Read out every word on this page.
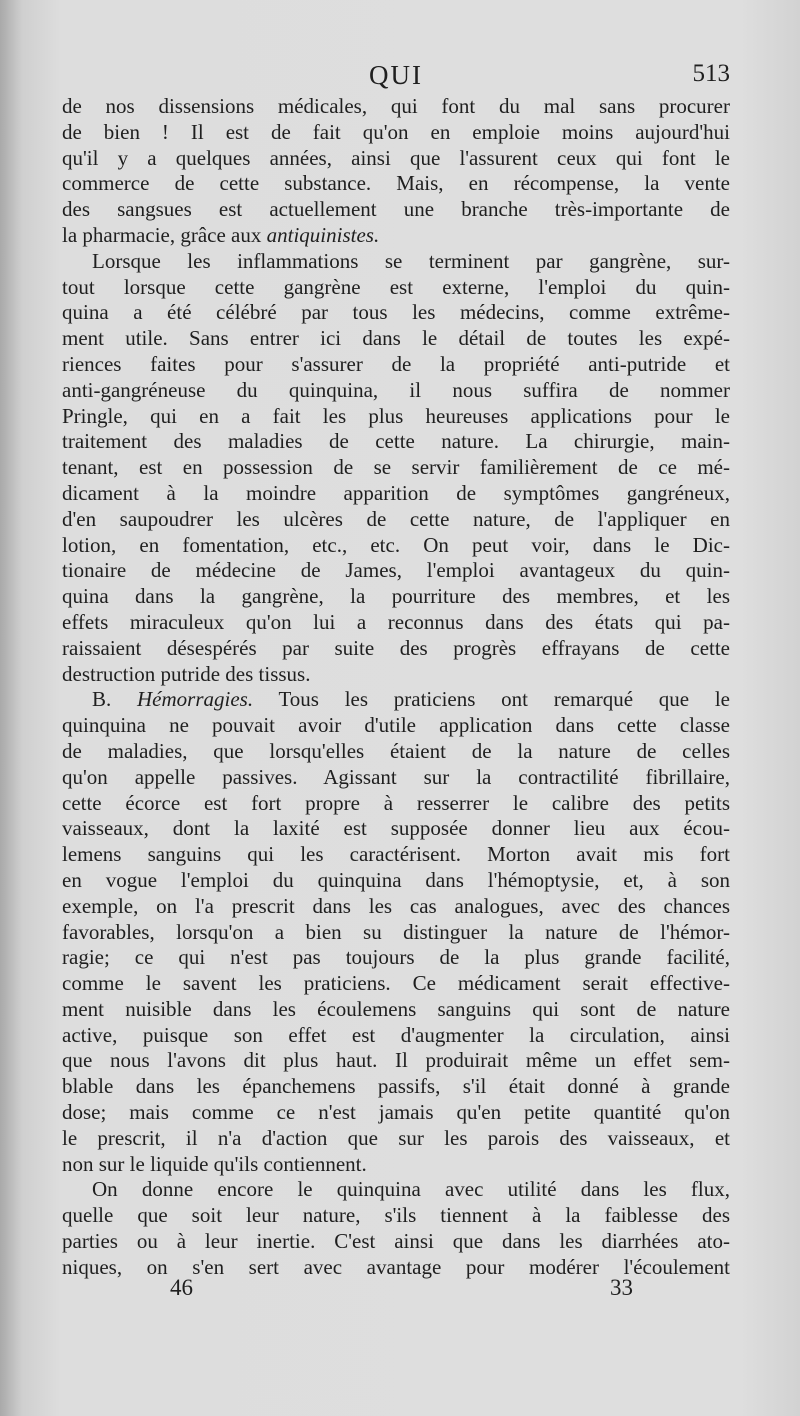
QUI	513
de nos dissensions médicales, qui font du mal sans procurer
de bien ! Il est de fait qu'on en emploie moins aujourd'hui
qu'il y a quelques années, ainsi que l'assurent ceux qui font le
commerce de cette substance. Mais, en récompense, la vente
des sangsues est actuellement une branche très-importante de
la pharmacie, grâce aux antiquinistes.
Lorsque les inflammations se terminent par gangrène, sur-
tout lorsque cette gangrène est externe, l'emploi du quin-
quina a été célébré par tous les médecins, comme extrême-
ment utile. Sans entrer ici dans le détail de toutes les expé-
riences faites pour s'assurer de la propriété anti-putride et
anti-gangréneuse du quinquina, il nous suffira de nommer
Pringle, qui en a fait les plus heureuses applications pour le
traitement des maladies de cette nature. La chirurgie, main-
tenant, est en possession de se servir familièrement de ce mé-
dicament à la moindre apparition de symptômes gangréneux,
d'en saupoudrer les ulcères de cette nature, de l'appliquer en
lotion, en fomentation, etc., etc. On peut voir, dans le Dic-
tionaire de médecine de James, l'emploi avantageux du quin-
quina dans la gangrène, la pourriture des membres, et les
effets miraculeux qu'on lui a reconnus dans des états qui pa-
raissaient désespérés par suite des progrès effrayans de cette
destruction putride des tissus.
B. Hémorragies. Tous les praticiens ont remarqué que le
quinquina ne pouvait avoir d'utile application dans cette classe
de maladies, que lorsqu'elles étaient de la nature de celles
qu'on appelle passives. Agissant sur la contractilité fibrillaire,
cette écorce est fort propre à resserrer le calibre des petits
vaisseaux, dont la laxité est supposée donner lieu aux écou-
lemens sanguins qui les caractérisent. Morton avait mis fort
en vogue l'emploi du quinquina dans l'hémoptysie, et, à son
exemple, on l'a prescrit dans les cas analogues, avec des chances
favorables, lorsqu'on a bien su distinguer la nature de l'hémor-
ragie; ce qui n'est pas toujours de la plus grande facilité,
comme le savent les praticiens. Ce médicament serait effective-
ment nuisible dans les écoulemens sanguins qui sont de nature
active, puisque son effet est d'augmenter la circulation, ainsi
que nous l'avons dit plus haut. Il produirait même un effet sem-
blable dans les épanchemens passifs, s'il était donné à grande
dose; mais comme ce n'est jamais qu'en petite quantité qu'on
le prescrit, il n'a d'action que sur les parois des vaisseaux, et
non sur le liquide qu'ils contiennent.
On donne encore le quinquina avec utilité dans les flux,
quelle que soit leur nature, s'ils tiennent à la faiblesse des
parties ou à leur inertie. C'est ainsi que dans les diarrhées ato-
niques, on s'en sert avec avantage pour modérer l'écoulement
46	33
